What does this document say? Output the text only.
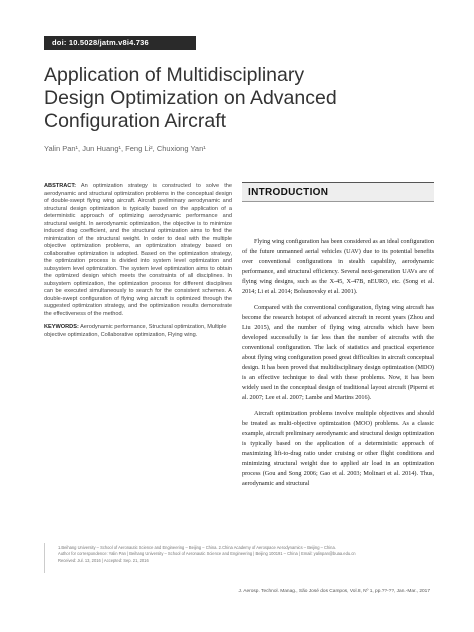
doi: 10.5028/jatm.v8i4.736
Application of Multidisciplinary
Design Optimization on Advanced
Configuration Aircraft
Yalin Pan¹, Jun Huang¹, Feng Li², Chuxiong Yan¹
ABSTRACT: An optimization strategy is constructed to solve the aerodynamic and structural optimization problems in the conceptual design of double-swept flying wing aircraft. Aircraft preliminary aerodynamic and structural design optimization is typically based on the application of a deterministic approach of optimizing aerodynamic performance and structural weight. In aerodynamic optimization, the objective is to minimize induced drag coefficient, and the structural optimization aims to find the minimization of the structural weight. In order to deal with the multiple objective optimization problems, an optimization strategy based on collaborative optimization is adopted. Based on the optimization strategy, the optimization process is divided into system level optimization and subsystem level optimization. The system level optimization aims to obtain the optimized design which meets the constraints of all disciplines. In subsystem optimization, the optimization process for different disciplines can be executed simultaneously to search for the consistent schemes. A double-swept configuration of flying wing aircraft is optimized through the suggested optimization strategy, and the optimization results demonstrate the effectiveness of the method.
KEYWORDS: Aerodynamic performance, Structural optimization, Multiple objective optimization, Collaborative optimization, Flying wing.
INTRODUCTION

Flying wing configuration has been considered as an ideal configuration of the future unmanned aerial vehicles (UAV) due to its potential benefits over conventional configurations in stealth capability, aerodynamic performance, and structural efficiency. Several next-generation UAVs are of flying wing designs, such as the X-45, X-47B, nEURO, etc. (Song et al. 2014; Li et al. 2014; Bolsunovsky et al. 2001).

Compared with the conventional configuration, flying wing aircraft has become the research hotspot of advanced aircraft in recent years (Zhou and Liu 2015), and the number of flying wing aircrafts which have been developed successfully is far less than the number of aircrafts with the conventional configuration. The lack of statistics and practical experience about flying wing configuration posed great difficulties in aircraft conceptual design. It has been proved that multidisciplinary design optimization (MDO) is an effective technique to deal with these problems. Now, it has been widely used in the conceptual design of traditional layout aircraft (Piperni et al. 2007; Lee et al. 2007; Lambe and Martins 2016).

Aircraft optimization problems involve multiple objectives and should be treated as multi-objective optimization (MOO) problems. As a classic example, aircraft preliminary aerodynamic and structural design optimization is typically based on the application of a deterministic approach of maximizing lift-to-drag ratio under cruising or other flight conditions and minimizing structural weight due to applied air load in an optimization process (Gou and Song 2006; Gao et al. 2003; Molinari et al. 2014). Thus, aerodynamic and structural

1.Beihang University – School of Aeronautic Science and Engineering – Beijing – China. 2.China Academy of Aerospace Aerodynamics – Beijing – China.
Author for correspondence: Yalin Pan | Beihang University – School of Aeronautic Science and Engineering | Beijing 100191 – China | Email: yalinpan@buaa.edu.cn
Received: Jul. 13, 2016 | Accepted: Sep. 21, 2016
J. Aerosp. Technol. Manag., São José dos Campos, Vol.8, Nº 1, pp.??-??, Jan.-Mar., 2017
